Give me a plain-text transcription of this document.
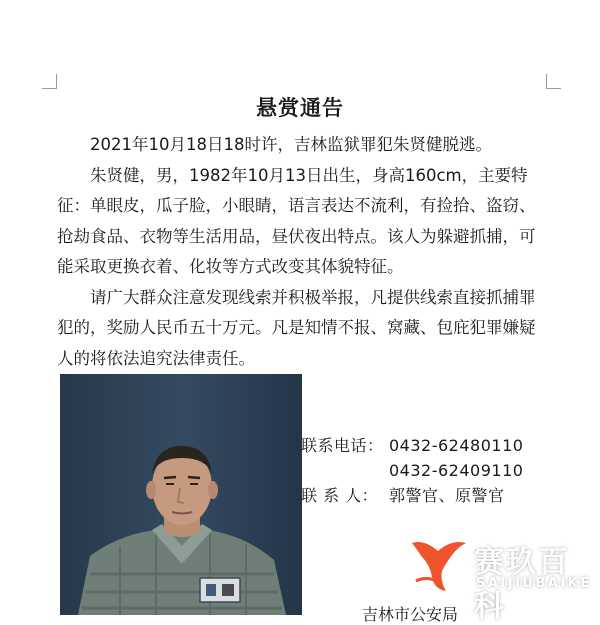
悬赏通告

2021年10月18日18时许，吉林监狱罪犯朱贤健脱逃。

朱贤健，男，1982年10月13日出生，身高160cm，主要特征：单眼皮，瓜子脸，小眼睛，语言表达不流利，有捡拾、盗窃、抢劫食品、衣物等生活用品，昼伏夜出特点。该人为躲避抓捕，可能采取更换衣着、化妆等方式改变其体貌特征。

请广大群众注意发现线索并积极举报，凡提供线索直接抓捕罪犯的，奖励人民币五十万元。凡是知情不报、窝藏、包庇犯罪嫌疑人的将依法追究法律责任。

联系电话： 0432-62480110
0432-62409110
联 系 人： 郭警官、原警官
吉林市公安局
赛玖百科
SAIJIUBAIKE
